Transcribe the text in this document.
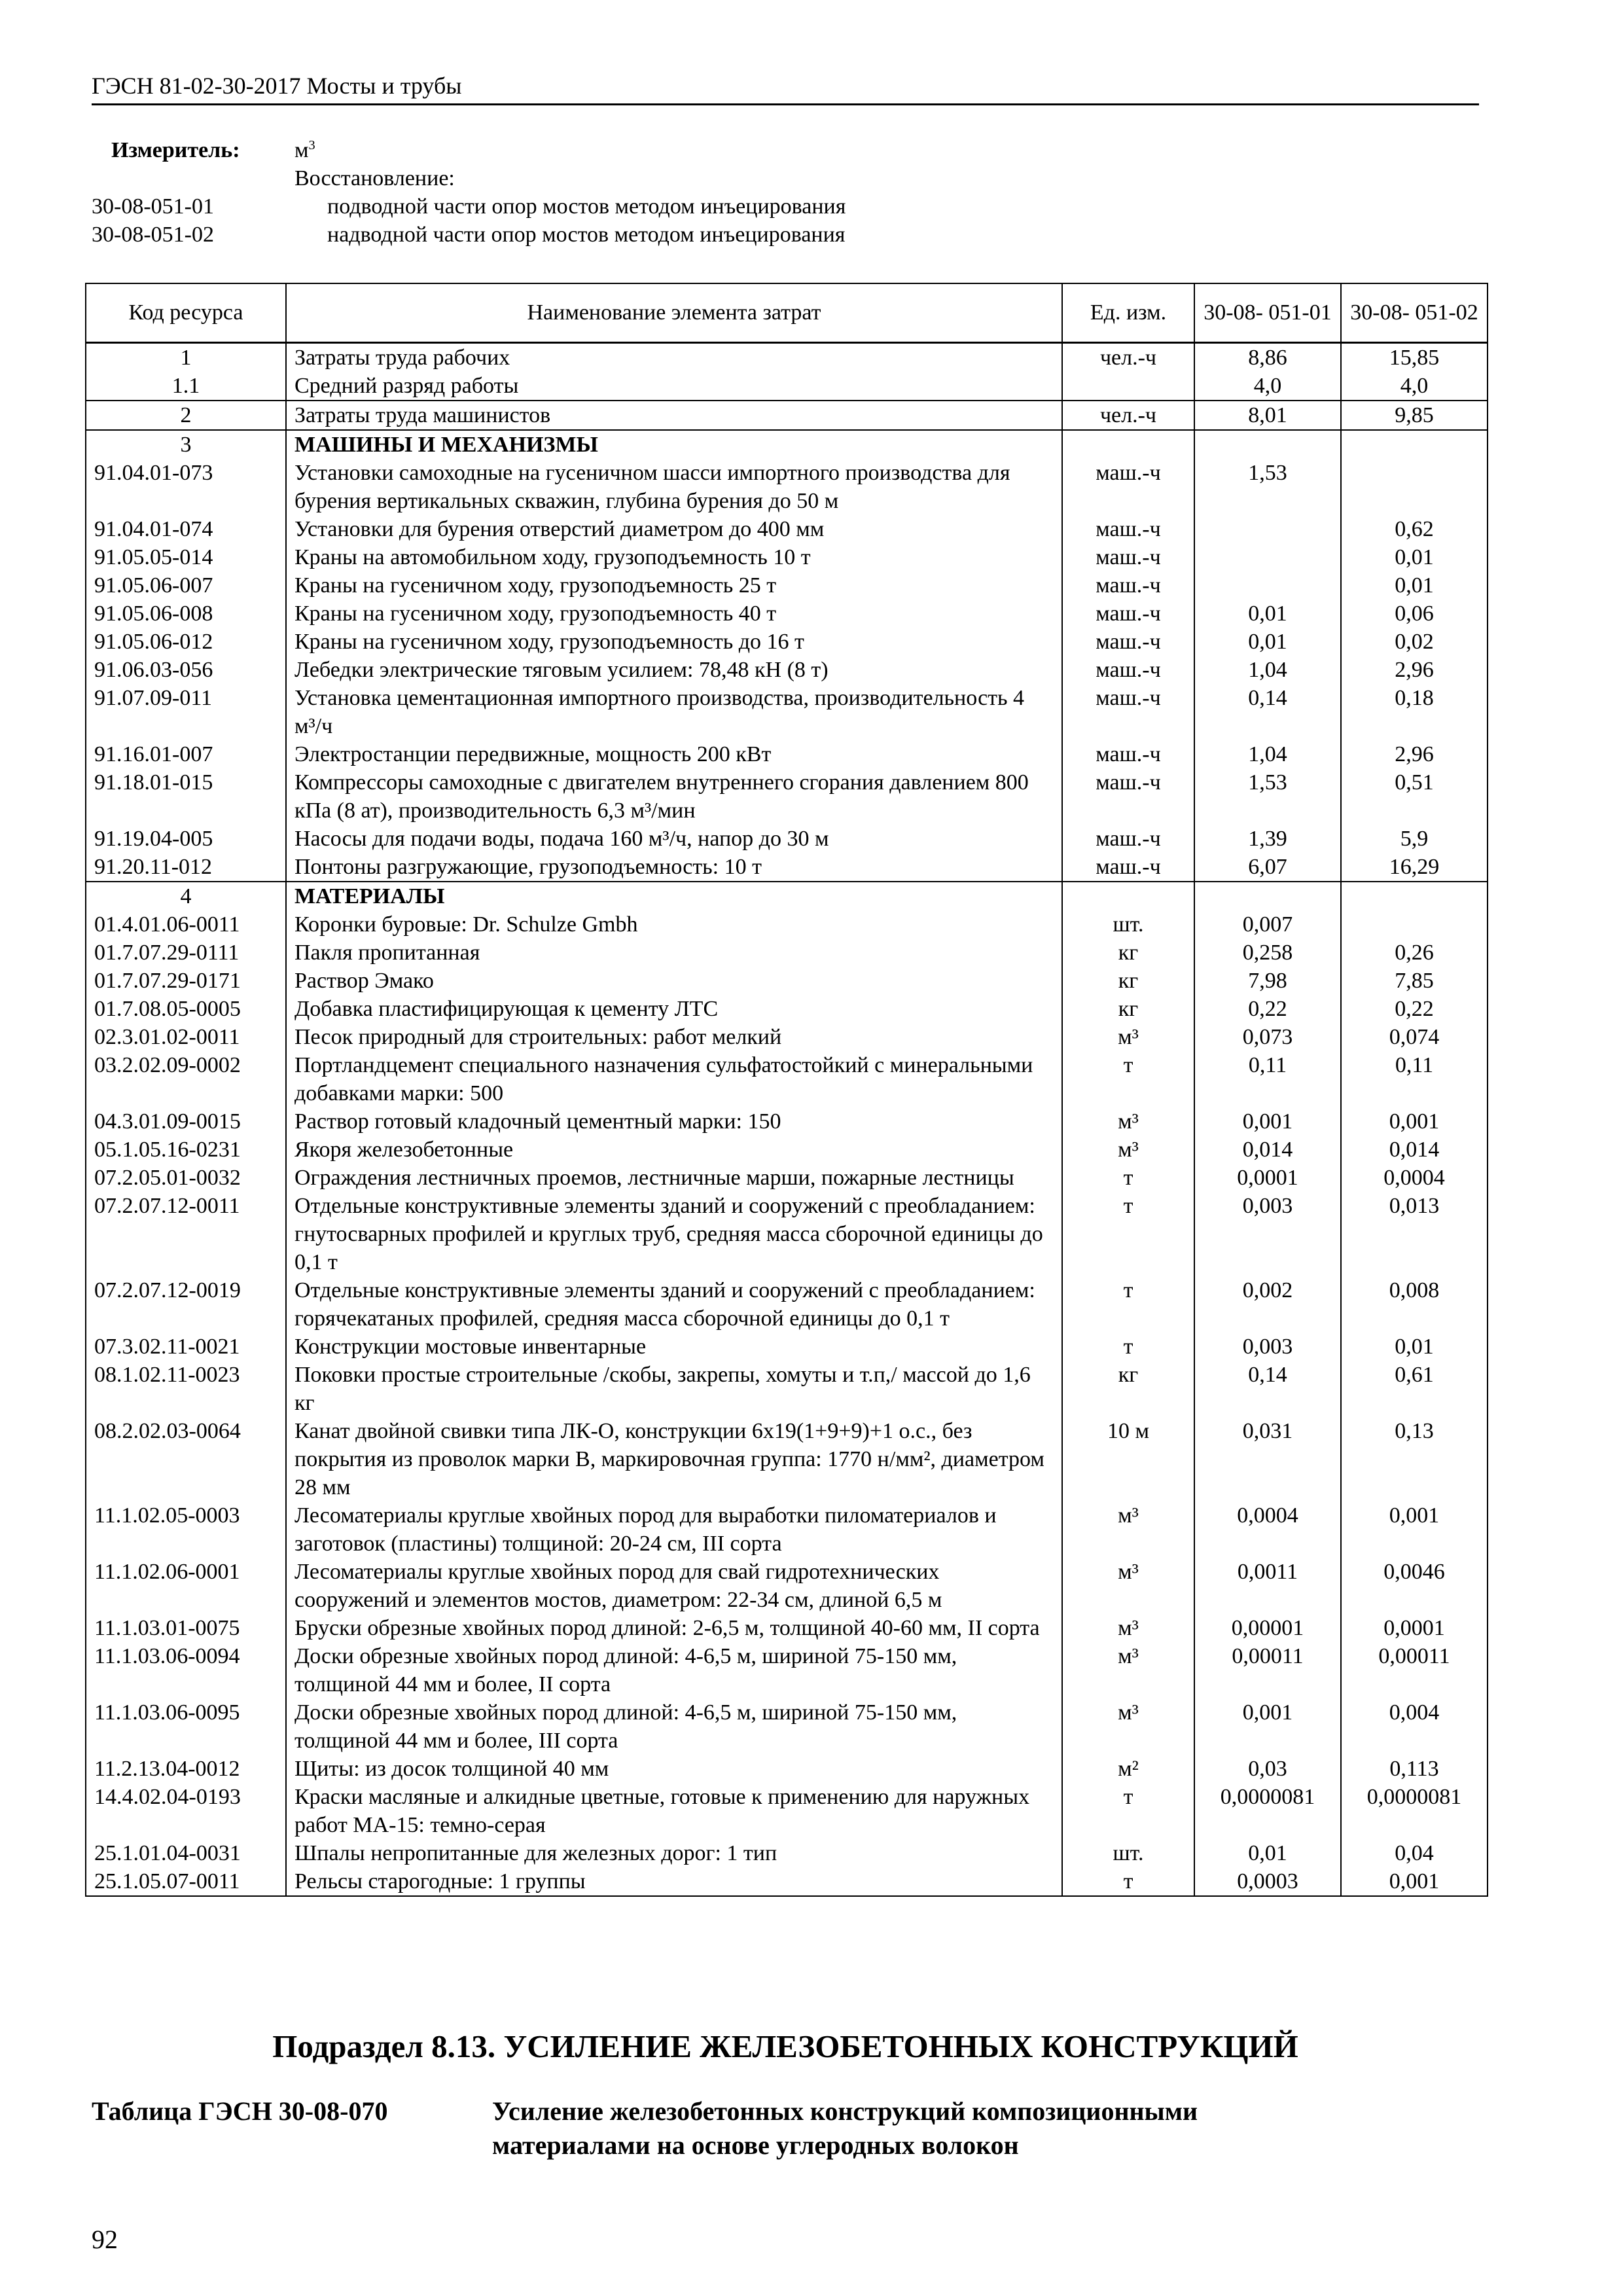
ГЭСН 81-02-30-2017 Мосты и трубы
Измеритель:	$м^3$
Восстановление:
30-08-051-01	подводной части опор мостов методом инъецирования
30-08-051-02	надводной части опор мостов методом инъецирования
Код ресурса	Наименование элемента затрат	Ед. изм.	30-08- 051-01	30-08- 051-02
1	Затраты труда рабочих	чел.-ч	8,86	15,85
1.1	Средний разряд работы		4,0	4,0
2	Затраты труда машинистов	чел.-ч	8,01	9,85
3	МАШИНЫ И МЕХАНИЗМЫ			
91.04.01-073	Установки самоходные на гусеничном шасси импортного производства для бурения вертикальных скважин, глубина бурения до 50 м	маш.-ч	1,53	
91.04.01-074	Установки для бурения отверстий диаметром до 400 мм	маш.-ч		0,62
91.05.05-014	Краны на автомобильном ходу, грузоподъемность 10 т	маш.-ч		0,01
91.05.06-007	Краны на гусеничном ходу, грузоподъемность 25 т	маш.-ч		0,01
91.05.06-008	Краны на гусеничном ходу, грузоподъемность 40 т	маш.-ч	0,01	0,06
91.05.06-012	Краны на гусеничном ходу, грузоподъемность до 16 т	маш.-ч	0,01	0,02
91.06.03-056	Лебедки электрические тяговым усилием: 78,48 кН (8 т)	маш.-ч	1,04	2,96
91.07.09-011	Установка цементационная импортного производства, производительность 4 м³/ч	маш.-ч	0,14	0,18
91.16.01-007	Электростанции передвижные, мощность 200 кВт	маш.-ч	1,04	2,96
91.18.01-015	Компрессоры самоходные с двигателем внутреннего сгорания давлением 800 кПа (8 ат), производительность 6,3 м³/мин	маш.-ч	1,53	0,51
91.19.04-005	Насосы для подачи воды, подача 160 м³/ч, напор до 30 м	маш.-ч	1,39	5,9
91.20.11-012	Понтоны разгружающие, грузоподъемность: 10 т	маш.-ч	6,07	16,29
4	МАТЕРИАЛЫ			
01.4.01.06-0011	Коронки буровые: Dr. Schulze Gmbh	шт.	0,007	
01.7.07.29-0111	Пакля пропитанная	кг	0,258	0,26
01.7.07.29-0171	Раствор Эмако	кг	7,98	7,85
01.7.08.05-0005	Добавка пластифицирующая к цементу ЛТС	кг	0,22	0,22
02.3.01.02-0011	Песок природный для строительных: работ мелкий	м³	0,073	0,074
03.2.02.09-0002	Портландцемент специального назначения сульфатостойкий с минеральными добавками марки: 500	т	0,11	0,11
04.3.01.09-0015	Раствор готовый кладочный цементный марки: 150	м³	0,001	0,001
05.1.05.16-0231	Якоря железобетонные	м³	0,014	0,014
07.2.05.01-0032	Ограждения лестничных проемов, лестничные марши, пожарные лестницы	т	0,0001	0,0004
07.2.07.12-0011	Отдельные конструктивные элементы зданий и сооружений с преобладанием: гнутосварных профилей и круглых труб, средняя масса сборочной единицы до 0,1 т	т	0,003	0,013
07.2.07.12-0019	Отдельные конструктивные элементы зданий и сооружений с преобладанием: горячекатаных профилей, средняя масса сборочной единицы до 0,1 т	т	0,002	0,008
07.3.02.11-0021	Конструкции мостовые инвентарные	т	0,003	0,01
08.1.02.11-0023	Поковки простые строительные /скобы, закрепы, хомуты и т.п,/ массой до 1,6 кг	кг	0,14	0,61
08.2.02.03-0064	Канат двойной свивки типа ЛК-О, конструкции 6х19(1+9+9)+1 о.с., без покрытия из проволок марки В, маркировочная группа: 1770 н/мм², диаметром 28 мм	10 м	0,031	0,13
11.1.02.05-0003	Лесоматериалы круглые хвойных пород для выработки пиломатериалов и заготовок (пластины) толщиной: 20-24 см, III сорта	м³	0,0004	0,001
11.1.02.06-0001	Лесоматериалы круглые хвойных пород для свай гидротехнических сооружений и элементов мостов, диаметром: 22-34 см, длиной 6,5 м	м³	0,0011	0,0046
11.1.03.01-0075	Бруски обрезные хвойных пород длиной: 2-6,5 м, толщиной 40-60 мм, II сорта	м³	0,00001	0,0001
11.1.03.06-0094	Доски обрезные хвойных пород длиной: 4-6,5 м, шириной 75-150 мм, толщиной 44 мм и более, II сорта	м³	0,00011	0,00011
11.1.03.06-0095	Доски обрезные хвойных пород длиной: 4-6,5 м, шириной 75-150 мм, толщиной 44 мм и более, III сорта	м³	0,001	0,004
11.2.13.04-0012	Щиты: из досок толщиной 40 мм	м²	0,03	0,113
14.4.02.04-0193	Краски масляные и алкидные цветные, готовые к применению для наружных работ МА-15: темно-серая	т	0,0000081	0,0000081
25.1.01.04-0031	Шпалы непропитанные для железных дорог: 1 тип	шт.	0,01	0,04
25.1.05.07-0011	Рельсы старогодные: 1 группы	т	0,0003	0,001
Подраздел 8.13. УСИЛЕНИЕ ЖЕЛЕЗОБЕТОННЫХ КОНСТРУКЦИЙ
Таблица ГЭСН 30-08-070	Усиление железобетонных конструкций композиционными материалами на основе углеродных волокон
92
